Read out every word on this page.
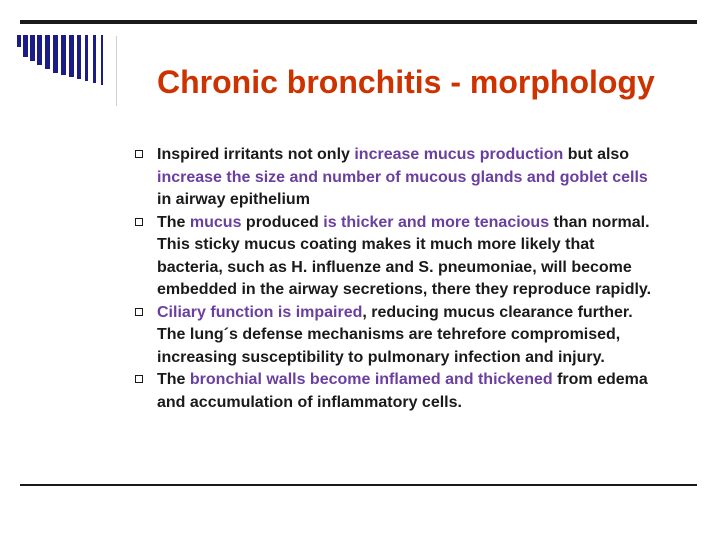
Chronic bronchitis - morphology
Inspired irritants not only increase mucus production but also increase the size and number of mucous glands and goblet cells in airway epithelium
The mucus produced is thicker and more tenacious than normal. This sticky mucus coating makes it much more likely that bacteria, such as H. influenze and S. pneumoniae, will become embedded in the airway secretions, there they reproduce rapidly.
Ciliary function is impaired, reducing mucus clearance further. The lung´s defense mechanisms are tehrefore compromised, increasing susceptibility to pulmonary infection and injury.
The bronchial walls become inflamed and thickened from edema and accumulation of inflammatory cells.
